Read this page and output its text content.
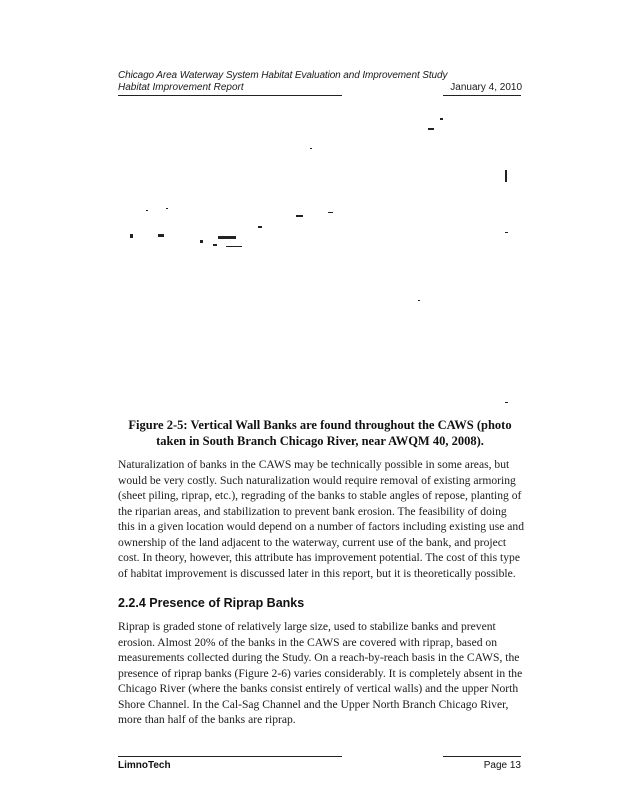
Chicago Area Waterway System Habitat Evaluation and Improvement Study
Habitat Improvement Report	January 4, 2010
Figure 2-5: Vertical Wall Banks are found throughout the CAWS (photo taken in South Branch Chicago River, near AWQM 40, 2008).
Naturalization of banks in the CAWS may be technically possible in some areas, but would be very costly. Such naturalization would require removal of existing armoring (sheet piling, riprap, etc.), regrading of the banks to stable angles of repose, planting of the riparian areas, and stabilization to prevent bank erosion. The feasibility of doing this in a given location would depend on a number of factors including existing use and ownership of the land adjacent to the waterway, current use of the bank, and project cost. In theory, however, this attribute has improvement potential. The cost of this type of habitat improvement is discussed later in this report, but it is theoretically possible.
2.2.4 Presence of Riprap Banks
Riprap is graded stone of relatively large size, used to stabilize banks and prevent erosion. Almost 20% of the banks in the CAWS are covered with riprap, based on measurements collected during the Study. On a reach-by-reach basis in the CAWS, the presence of riprap banks (Figure 2-6) varies considerably. It is completely absent in the Chicago River (where the banks consist entirely of vertical walls) and the upper North Shore Channel. In the Cal-Sag Channel and the Upper North Branch Chicago River, more than half of the banks are riprap.
LimnoTech	Page 13
